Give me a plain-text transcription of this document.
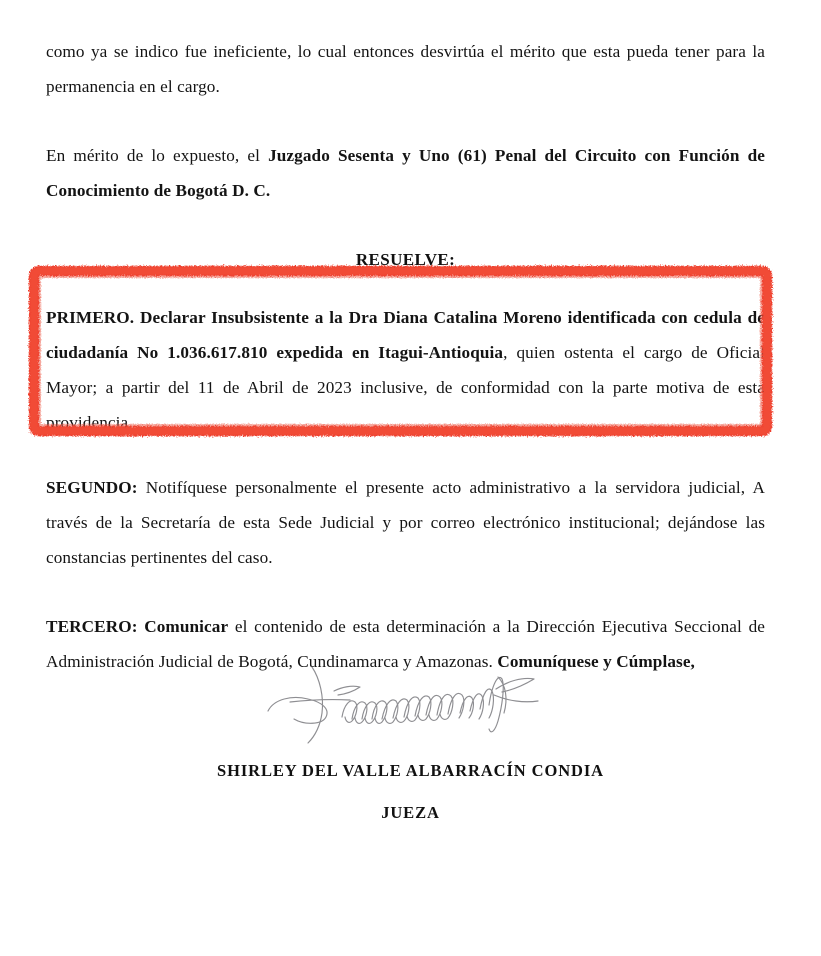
como ya se indico fue ineficiente, lo cual entonces desvirtúa el mérito que esta pueda tener para la permanencia en el cargo.

En mérito de lo expuesto, el Juzgado Sesenta y Uno (61) Penal del Circuito con Función de Conocimiento de Bogotá D. C.

RESUELVE:

PRIMERO. Declarar Insubsistente a la Dra Diana Catalina Moreno identificada con cedula de ciudadanía No 1.036.617.810 expedida en Itagui-Antioquia, quien ostenta el cargo de Oficial Mayor; a partir del 11 de Abril de 2023 inclusive, de conformidad con la parte motiva de esta providencia.

SEGUNDO: Notifíquese personalmente el presente acto administrativo a la servidora judicial, A través de la Secretaría de esta Sede Judicial y por correo electrónico institucional; dejándose las constancias pertinentes del caso.

TERCERO: Comunicar el contenido de esta determinación a la Dirección Ejecutiva Seccional de Administración Judicial de Bogotá, Cundinamarca y Amazonas. Comuníquese y Cúmplase,

SHIRLEY DEL VALLE ALBARRACÍN CONDIA

JUEZA
